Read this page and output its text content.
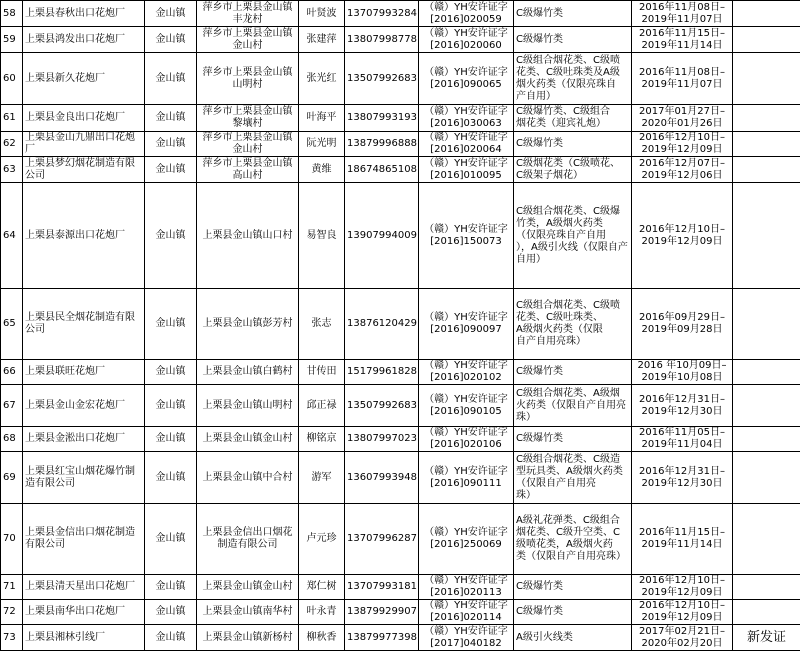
58	上栗县春秋出口花炮厂	金山镇	萍乡市上栗县金山镇
丰龙村	叶贤波	13707993284	（赣）YH安许证字
[2016]020059	C级爆竹类	2016年11月08日–
2019年11月07日	
59	上栗县鸿发出口花炮厂	金山镇	萍乡市上栗县金山镇
金山村	张建萍	13807998778	（赣）YH安许证字
[2016]020060	C级爆竹类	2016年11月15日–
2019年11月14日	
60	上栗县新久花炮厂	金山镇	萍乡市上栗县金山镇
山明村	张光红	13507992683	（赣）YH安许证字
[2016]090065	C级组合烟花类、C级喷
花类、C级吐珠类及A级
烟火药类（仅限亮珠自
产自用）	2016年11月08日–
2019年11月07日	
61	上栗县金良出口花炮厂	金山镇	萍乡市上栗县金山镇
黎壤村	叶海平	13807993193	（赣）YH安许证字
[2016]030063	C级爆竹类、C级组合
烟花类（迎宾礼炮）	2017年01月27日–
2020年01月26日	
62	上栗县金山九鼎出口花炮
厂	金山镇	萍乡市上栗县金山镇
金山村	阮光明	13879996888	（赣）YH安许证字
[2016]020064	C级爆竹类	2016年12月10日–
2019年12月09日	
63	上栗县梦幻烟花制造有限
公司	金山镇	萍乡市上栗县金山镇
高山村	黄维	18674865108	（赣）YH安许证字
[2016]010095	C级烟花类（C级喷花、
C级架子烟花）	2016年12月07日–
2019年12月06日	
64	上栗县泰源出口花炮厂	金山镇	上栗县金山镇山口村	易智良	13907994009	（赣）YH安许证字
[2016]150073	C级组合烟花类、C级爆
竹类，A级烟火药类
（仅限亮珠自产自用
），A级引火线（仅限自产
自用）	2016年12月10日–
2019年12月09日	
65	上栗县民全烟花制造有限
公司	金山镇	上栗县金山镇彭芳村	张志	13876120429	（赣）YH安许证字
[2016]090097	C级组合烟花类、C级喷
花类、C级吐珠类、
A级烟火药类（仅限
自产自用亮珠）	2016年09月29日–
2019年09月28日	
66	上栗县联旺花炮厂	金山镇	上栗县金山镇白鹤村	甘传田	15179961828	（赣）YH安许证字
[2016]020102	C级爆竹类	2016 年10月09日–
2019年10月08日	
67	上栗县金山金宏花炮厂	金山镇	上栗县金山镇山明村	邱正禄	13507992683	（赣）YH安许证字
[2016]090105	C级组合烟花类、A级烟
火药类（仅限自产自用亮
珠）	2016年12月31日–
2019年12月30日	
68	上栗县金淞出口花炮厂	金山镇	上栗县金山镇金山村	柳铭京	13807997023	（赣）YH安许证字
[2016]020106	C级爆竹类	2016年11月05日–
2019年11月04日	
69	上栗县红宝山烟花爆竹制
造有限公司	金山镇	上栗县金山镇中合村	游军	13607993948	（赣）YH安许证字
[2016]090111	C级组合烟花类、C级造
型玩具类、A级烟火药类
（仅限自产自用亮
珠）	2016年12月31日–
2019年12月30日	
70	上栗县金信出口烟花制造
有限公司	金山镇	上栗县金信出口烟花
制造有限公司	卢元珍	13707996287	（赣）YH安许证字
[2016]250069	A级礼花弹类、C级组合
烟花类、C级升空类、C
级喷花类，A级烟火药
类（仅限自产自用亮珠）	2016年11月15日–
2019年11月14日	
71	上栗县清天星出口花炮厂	金山镇	上栗县金山镇金山村	郑仁树	13707993181	（赣）YH安许证字
[2016]020113	C级爆竹类	2016年12月10日–
2019年12月09日	
72	上栗县南华出口花炮厂	金山镇	上栗县金山镇南华村	叶永青	13879929907	（赣）YH安许证字
[2016]020114	C级爆竹类	2016年12月10日–
2019年12月09日	
73	上栗县湘林引线厂	金山镇	上栗县金山镇新杨村	柳秋香	13879977398	（赣）YH安许证字
[2017]040182	A级引火线类	2017年02月21日–
2020年02月20日	新发证
